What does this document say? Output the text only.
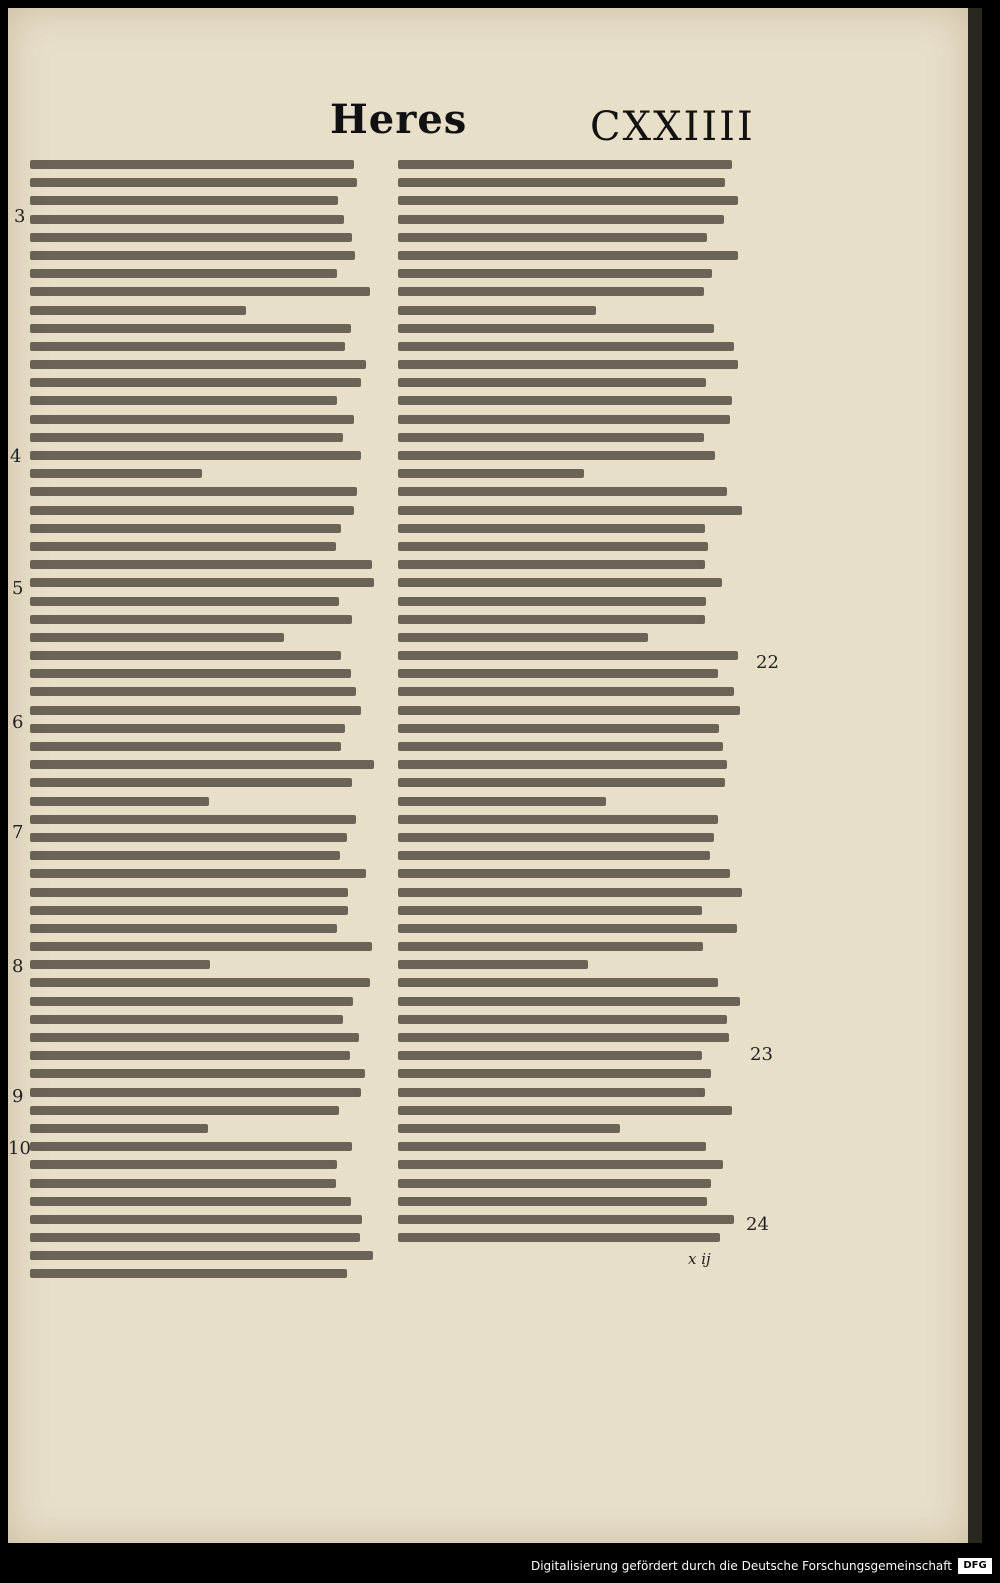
Heres	CXXIIII
3
4
5
6
7
8
9
10
22
23
24
x ij
Digitalisierung gefördert durch die Deutsche Forschungsgemeinschaft	DFG
